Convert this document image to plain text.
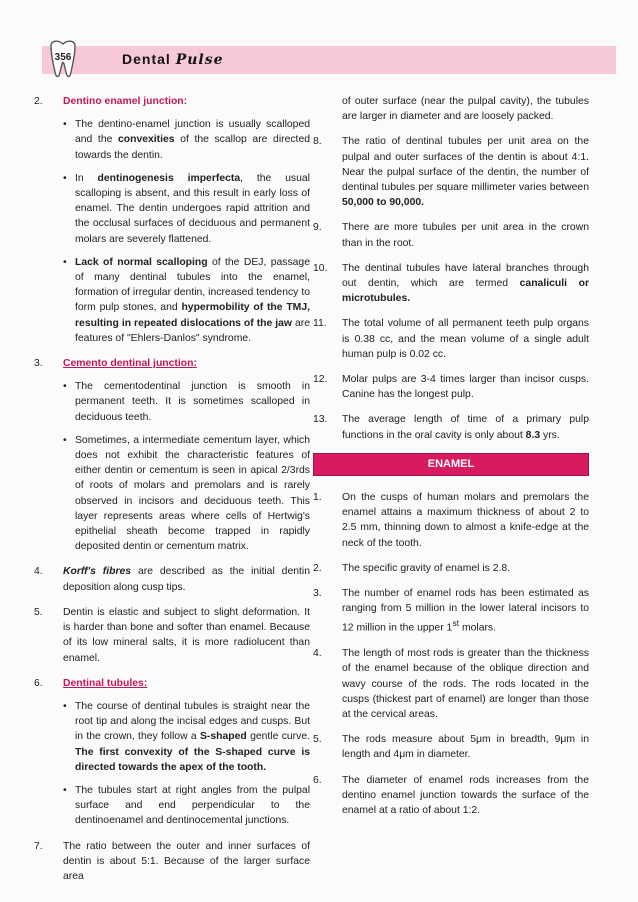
356	Dental Pulse
2. Dentino enamel junction:
• The dentino-enamel junction is usually scalloped and the convexities of the scallop are directed towards the dentin.
• In dentinogenesis imperfecta, the usual scalloping is absent, and this result in early loss of enamel. The dentin undergoes rapid attrition and the occlusal surfaces of deciduous and permanent molars are severely flattened.
• Lack of normal scalloping of the DEJ, passage of many dentinal tubules into the enamel, formation of irregular dentin, increased tendency to form pulp stones, and hypermobility of the TMJ, resulting in repeated dislocations of the jaw are features of "Ehlers-Danlos" syndrome.
3. Cemento dentinal junction:
• The cementodentinal junction is smooth in permanent teeth. It is sometimes scalloped in deciduous teeth.
• Sometimes, a intermediate cementum layer, which does not exhibit the characteristic features of either dentin or cementum is seen in apical 2/3rds of roots of molars and premolars and is rarely observed in incisors and deciduous teeth. This layer represents areas where cells of Hertwig's epithelial sheath become trapped in rapidly deposited dentin or cementum matrix.
4. Korff's fibres are described as the initial dentin deposition along cusp tips.
5. Dentin is elastic and subject to slight deformation. It is harder than bone and softer than enamel. Because of its low mineral salts, it is more radiolucent than enamel.
6. Dentinal tubules:
• The course of dentinal tubules is straight near the root tip and along the incisal edges and cusps. But in the crown, they follow a S-shaped gentle curve. The first convexity of the S-shaped curve is directed towards the apex of the tooth.
• The tubules start at right angles from the pulpal surface and end perpendicular to the dentinoenamel and dentinocemental junctions.
7. The ratio between the outer and inner surfaces of dentin is about 5:1. Because of the larger surface area
of outer surface (near the pulpal cavity), the tubules are larger in diameter and are loosely packed.
8. The ratio of dentinal tubules per unit area on the pulpal and outer surfaces of the dentin is about 4:1. Near the pulpal surface of the dentin, the number of dentinal tubules per square millimeter varies between 50,000 to 90,000.
9. There are more tubules per unit area in the crown than in the root.
10. The dentinal tubules have lateral branches through out dentin, which are termed canaliculi or microtubules.
11. The total volume of all permanent teeth pulp organs is 0.38 cc, and the mean volume of a single adult human pulp is 0.02 cc.
12. Molar pulps are 3-4 times larger than incisor cusps. Canine has the longest pulp.
13. The average length of time of a primary pulp functions in the oral cavity is only about 8.3 yrs.
ENAMEL
1. On the cusps of human molars and premolars the enamel attains a maximum thickness of about 2 to 2.5 mm, thinning down to almost a knife-edge at the neck of the tooth.
2. The specific gravity of enamel is 2.8.
3. The number of enamel rods has been estimated as ranging from 5 million in the lower lateral incisors to 12 million in the upper 1st molars.
4. The length of most rods is greater than the thickness of the enamel because of the oblique direction and wavy course of the rods. The rods located in the cusps (thickest part of enamel) are longer than those at the cervical areas.
5. The rods measure about 5μm in breadth, 9μm in length and 4μm in diameter.
6. The diameter of enamel rods increases from the dentino enamel junction towards the surface of the enamel at a ratio of about 1:2.
